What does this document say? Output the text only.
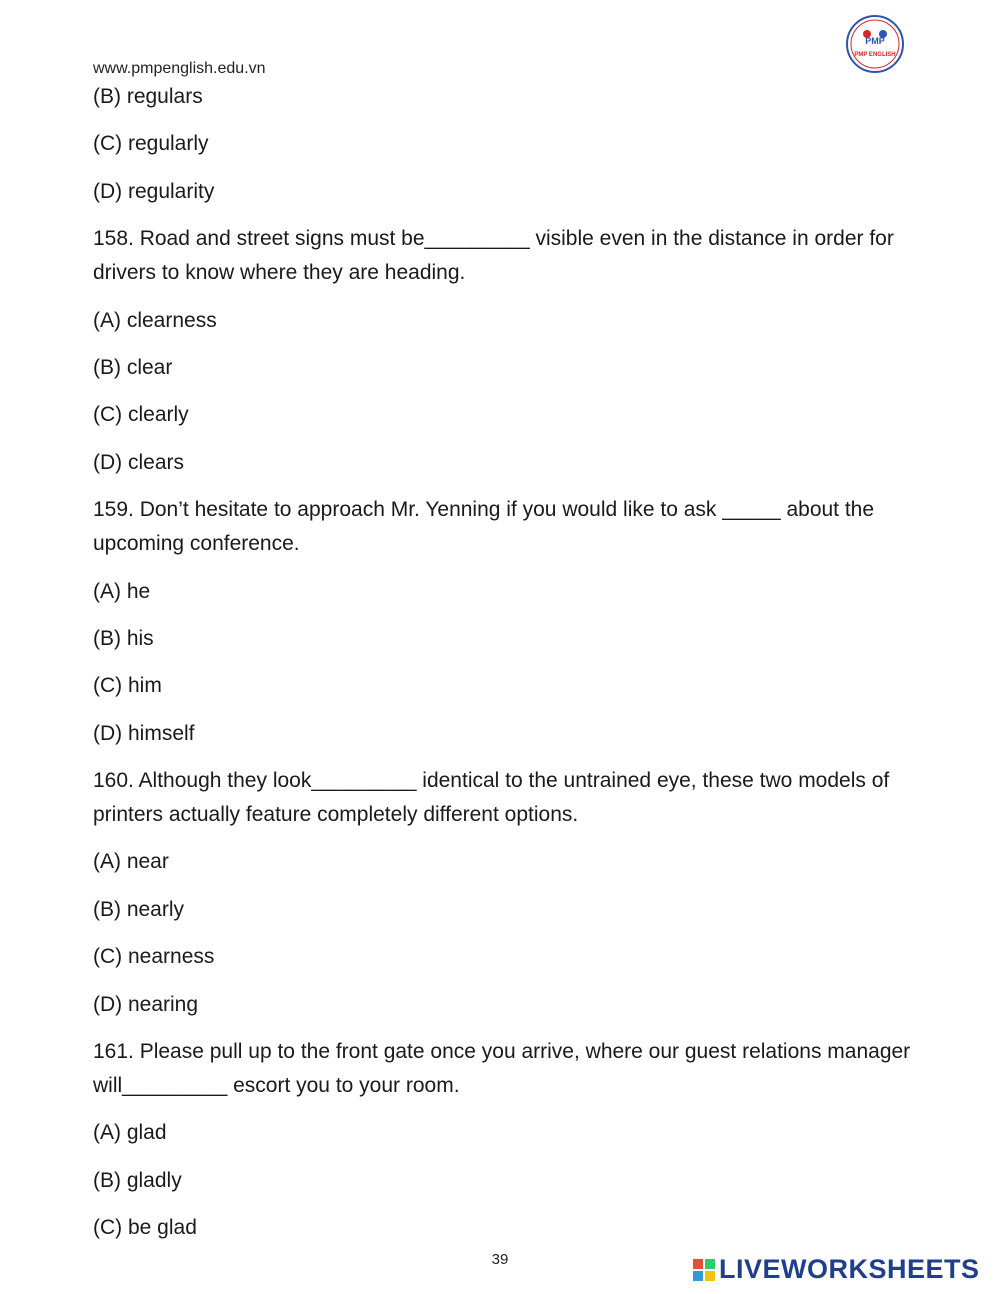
www.pmpenglish.edu.vn
PMP
PMP ENGLISH
(B) regulars
(C) regularly
(D) regularity
158. Road and street signs must be_________ visible even in the distance in order for drivers to know where they are heading.
(A) clearness
(B) clear
(C) clearly
(D) clears
159. Don’t hesitate to approach Mr. Yenning if you would like to ask _____ about the upcoming conference.
(A) he
(B) his
(C) him
(D) himself
160. Although they look_________ identical to the untrained eye, these two models of printers actually feature completely different options.
(A) near
(B) nearly
(C) nearness
(D) nearing
161. Please pull up to the front gate once you arrive, where our guest relations manager will_________ escort you to your room.
(A) glad
(B) gladly
(C) be glad
39	LIVEWORKSHEETS
